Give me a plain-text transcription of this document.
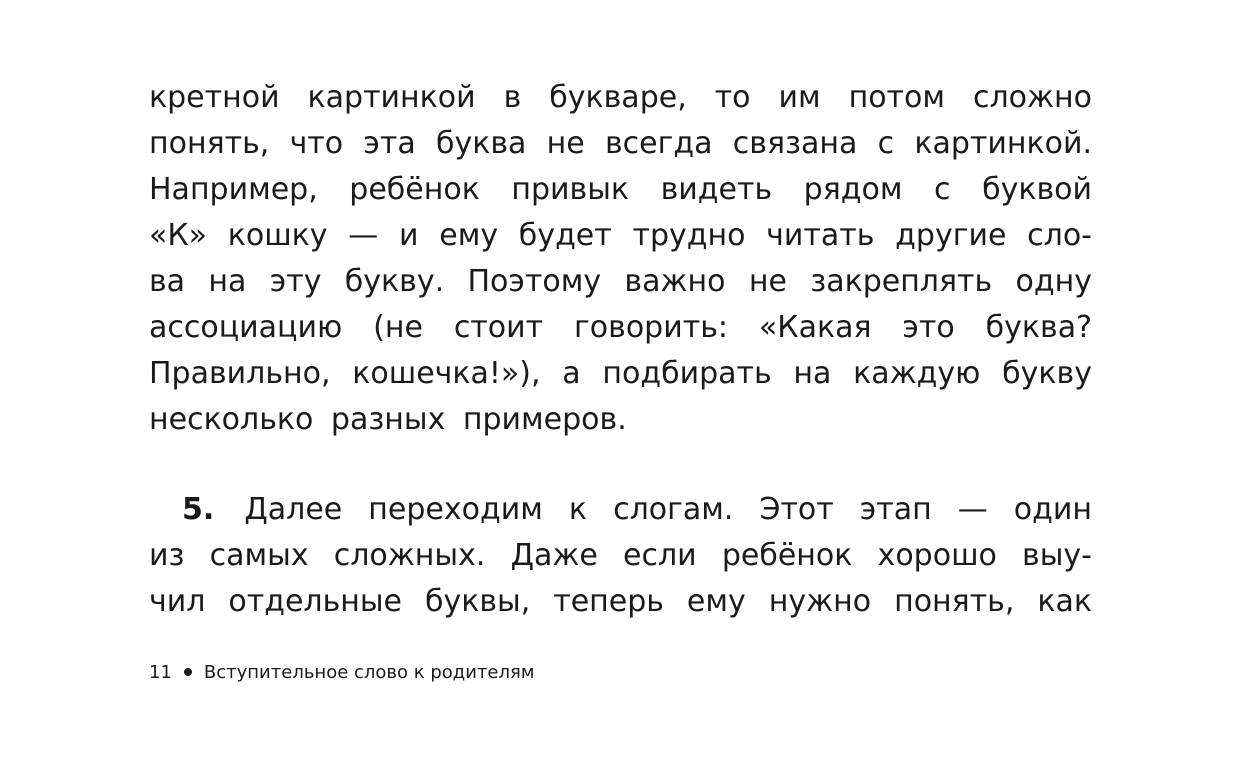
кретной картинкой в букваре, то им потом сложно
понять, что эта буква не всегда связана с картинкой.
Например, ребёнок привык видеть рядом с буквой
«К» кошку — и ему будет трудно читать другие сло-
ва на эту букву. Поэтому важно не закреплять одну
ассоциацию (не стоит говорить: «Какая это буква?
Правильно, кошечка!»), а подбирать на каждую букву
несколько разных примеров.
5. Далее переходим к слогам. Этот этап — один
из самых сложных. Даже если ребёнок хорошо выу-
чил отдельные буквы, теперь ему нужно понять, как
11 Вступительное слово к родителям
